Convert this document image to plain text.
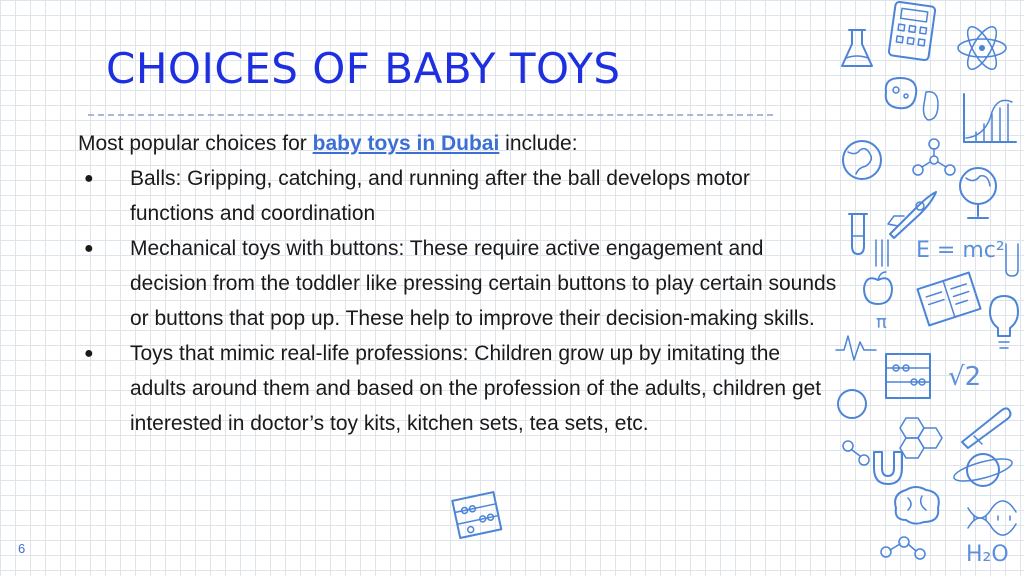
CHOICES OF BABY TOYS

Most popular choices for baby toys in Dubai include:

● Balls: Gripping, catching, and running after the ball develops motor functions and coordination
● Mechanical toys with buttons: These require active engagement and decision from the toddler like pressing certain buttons to play certain sounds or buttons that pop up. These help to improve their decision-making skills.
● Toys that mimic real-life professions: Children grow up by imitating the adults around them and based on the profession of the adults, children get interested in doctor’s toy kits, kitchen sets, tea sets, etc.
6
E = mc²
π
√2
H₂O
